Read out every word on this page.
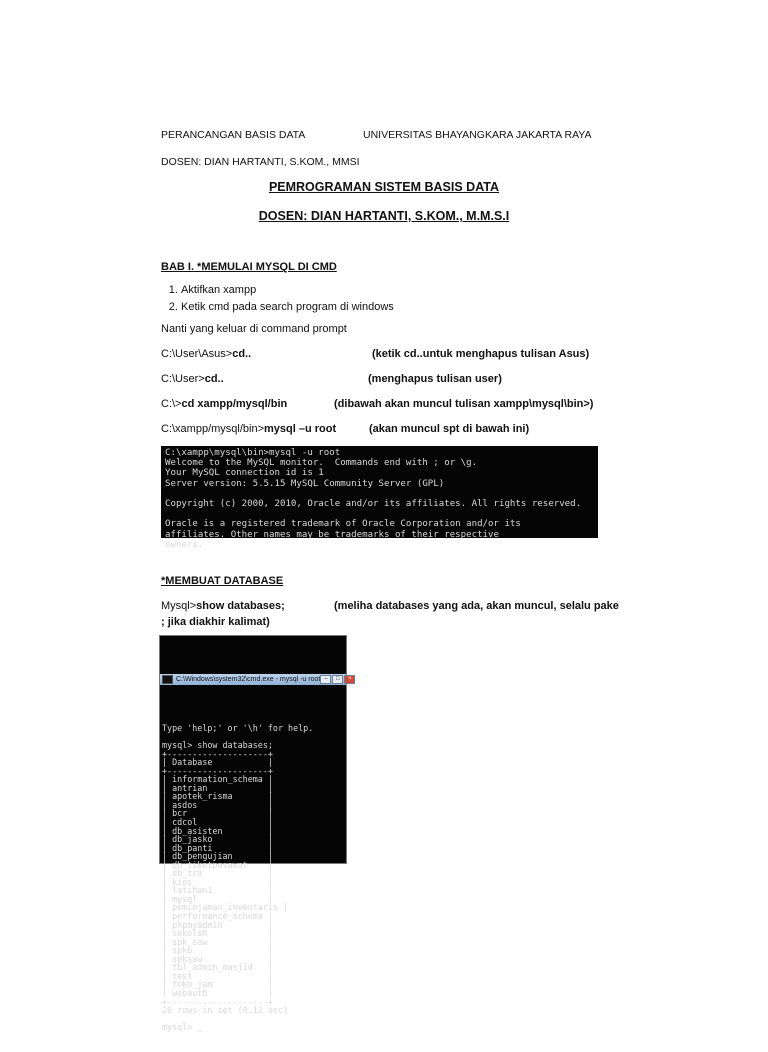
PERANCANGAN BASIS DATA	UNIVERSITAS BHAYANGKARA JAKARTA RAYA
DOSEN: DIAN HARTANTI, S.KOM., MMSI
PEMROGRAMAN SISTEM BASIS DATA
DOSEN: DIAN HARTANTI, S.KOM., M.M.S.I
BAB I. *MEMULAI MYSQL DI CMD
1. Aktifkan xampp
2. Ketik cmd pada search program di windows
Nanti yang keluar di command prompt
C:\User\Asus>cd..	(ketik cd..untuk menghapus tulisan Asus)
C:\User>cd..	(menghapus tulisan user)
C:\>cd xampp/mysql/bin	(dibawah akan muncul tulisan xampp\mysql\bin>)
C:\xampp/mysql/bin>mysql –u root	(akan muncul spt di bawah ini)
C:\xampp\mysql\bin>mysql -u root
Welcome to the MySQL monitor.  Commands end with ; or \g.
Your MySQL connection id is 1
Server version: 5.5.15 MySQL Community Server (GPL)

Copyright (c) 2000, 2010, Oracle and/or its affiliates. All rights reserved.

Oracle is a registered trademark of Oracle Corporation and/or its
affiliates. Other names may be trademarks of their respective
owners.
*MEMBUAT DATABASE
Mysql>show databases;	(meliha databases yang ada, akan muncul, selalu pake
; jika diakhir kalimat)

C:\Windows\system32\cmd.exe - mysql -u root –	□	×

Type 'help;' or '\h' for help.

mysql> show databases;
+--------------------+
| Database           |
+--------------------+
| information_schema |
| antrian            |
| apotek_risma       |
| asdos              |
| bcr                |
| cdcol              |
| db_asisten         |
| db_jasko           |
| db_panti           |
| db_pengujian       |
| db_tiketpesawat    |
| db_tra             |
| kios               |
| latihan1           |
| mysql              |
| peminjaman_inventaris |
| performance_schema |
| phpmyadmin         |
| sekolah            |
| spk_saw            |
| spkb               |
| spksaw             |
| tbl_admin_masjid   |
| test               |
| toko_jam           |
| webauth            |
+--------------------+
26 rows in set (0.12 sec)

mysql> _
